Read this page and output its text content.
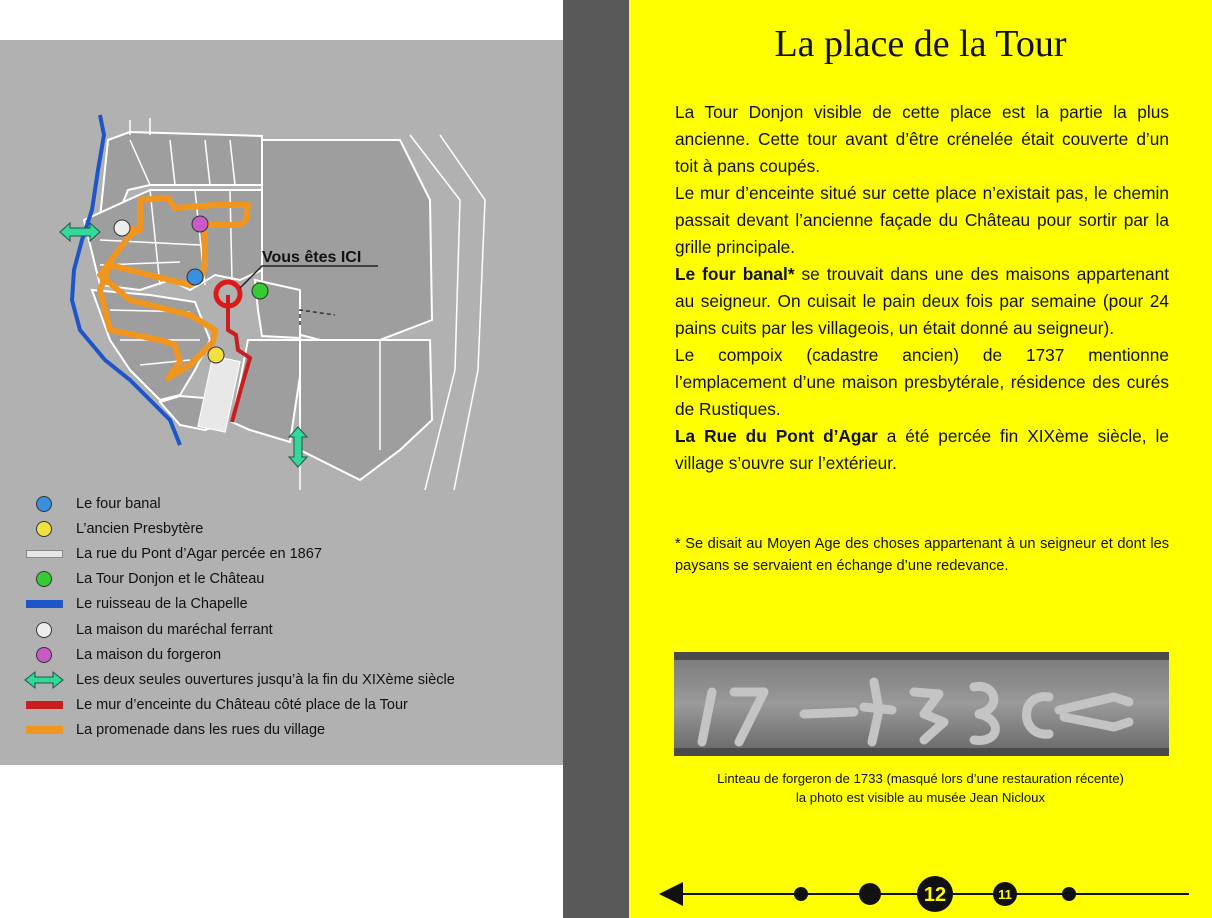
Vous êtes ICI
Le four banal
L’ancien Presbytère
La rue du Pont d’Agar percée en 1867
La Tour Donjon et le Château
Le ruisseau de la Chapelle
La maison du maréchal ferrant
La maison du forgeron
Les deux seules ouvertures jusqu’à la fin du XIXème siècle
Le mur d’enceinte du Château côté place de la Tour
La promenade dans les rues du village
La place de la Tour

La Tour Donjon visible de cette place est la partie la plus ancienne. Cette tour avant d’être crénelée était couverte d’un toit à pans coupés.

Le mur d’enceinte situé sur cette place n’existait pas, le chemin passait devant l’ancienne façade du Château pour sortir par la grille principale.

Le four banal* se trouvait dans une des maisons appartenant au seigneur. On cuisait le pain deux fois par semaine (pour 24 pains cuits par les villageois, un était donné au seigneur).

Le compoix (cadastre ancien) de 1737 mentionne l’emplacement d’une maison presbytérale, résidence des curés de Rustiques.

La Rue du Pont d’Agar a été percée fin XIXème siècle, le village s’ouvre sur l’extérieur.

* Se disait au Moyen Age des choses appartenant à un seigneur et dont les paysans se servaient en échange d’une redevance.
Linteau de forgeron de 1733 (masqué lors d’une restauration récente)
la photo est visible au musée Jean Nicloux
12	11
